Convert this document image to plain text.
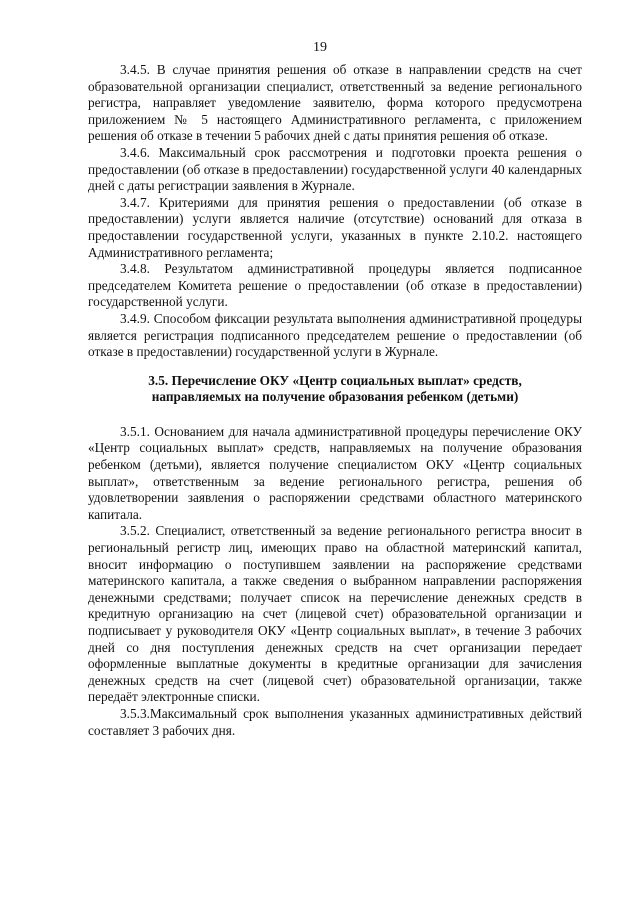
19

3.4.5. В случае принятия решения об отказе в направлении средств на счет образовательной организации специалист, ответственный за ведение регионального регистра, направляет уведомление заявителю, форма которого предусмотрена приложением № 5 настоящего Административного регламента, с приложением решения об отказе в течении 5 рабочих дней с даты принятия решения об отказе.

3.4.6. Максимальный срок рассмотрения и подготовки проекта решения о предоставлении (об отказе в предоставлении) государственной услуги 40 календарных дней с даты регистрации заявления в Журнале.

3.4.7. Критериями для принятия решения о предоставлении (об отказе в предоставлении) услуги является наличие (отсутствие) оснований для отказа в предоставлении государственной услуги, указанных в пункте 2.10.2. настоящего Административного регламента;

3.4.8. Результатом административной процедуры является подписанное председателем Комитета решение о предоставлении (об отказе в предоставлении) государственной услуги.

3.4.9. Способом фиксации результата выполнения административной процедуры является регистрация подписанного председателем решение о предоставлении (об отказе в предоставлении) государственной услуги в Журнале.

3.5. Перечисление ОКУ «Центр социальных выплат» средств,
направляемых на получение образования ребенком (детьми)

3.5.1. Основанием для начала административной процедуры перечисление ОКУ «Центр социальных выплат» средств, направляемых на получение образования ребенком (детьми), является получение специалистом ОКУ «Центр социальных выплат», ответственным за ведение регионального регистра, решения об удовлетворении заявления о распоряжении средствами областного материнского капитала.

3.5.2. Специалист, ответственный за ведение регионального регистра вносит в региональный регистр лиц, имеющих право на областной материнский капитал, вносит информацию о поступившем заявлении на распоряжение средствами материнского капитала, а также сведения о выбранном направлении распоряжения денежными средствами; получает список на перечисление денежных средств в кредитную организацию на счет (лицевой счет) образовательной организации и подписывает у руководителя ОКУ «Центр социальных выплат», в течение 3 рабочих дней со дня поступления денежных средств на счет организации передает оформленные выплатные документы в кредитные организации для зачисления денежных средств на счет (лицевой счет) образовательной организации, также передаёт электронные списки.

3.5.3.Максимальный срок выполнения указанных административных действий составляет 3 рабочих дня.
